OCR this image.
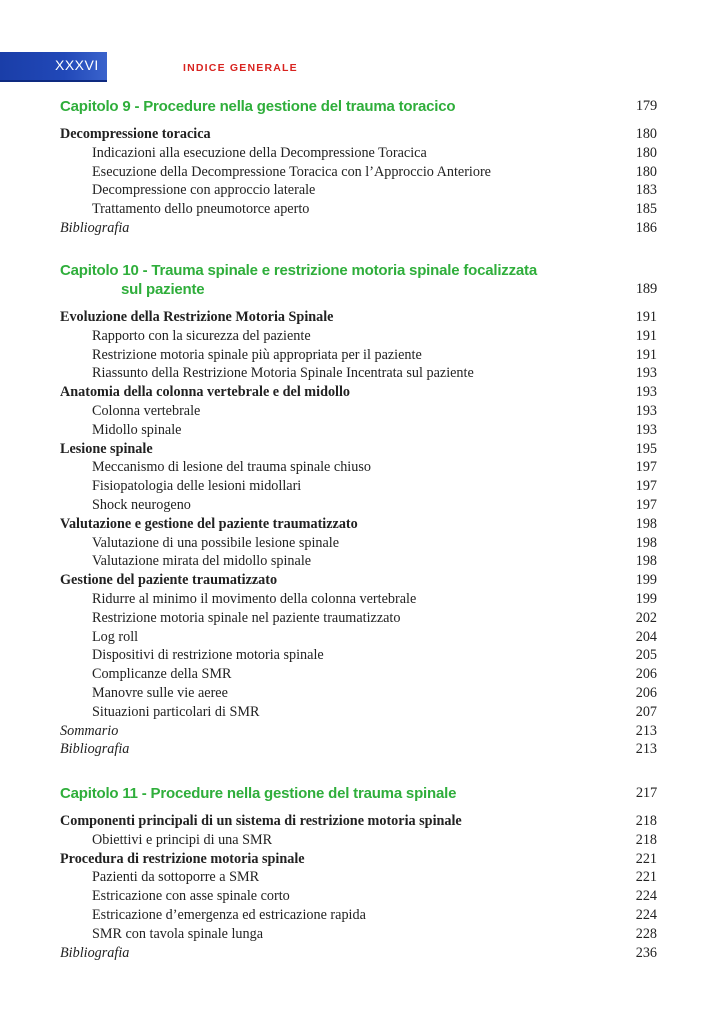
XXXVI	INDICE GENERALE
Capitolo 9 - Procedure nella gestione del trauma toracico	179
Decompressione toracica	180
Indicazioni alla esecuzione della Decompressione Toracica	180
Esecuzione della Decompressione Toracica con l’Approccio Anteriore	180
Decompressione con approccio laterale	183
Trattamento dello pneumotorce aperto	185
Bibliografia	186
Capitolo 10 - Trauma spinale e restrizione motoria spinale focalizzata
sul paziente	189
Evoluzione della Restrizione Motoria Spinale	191
Rapporto con la sicurezza del paziente	191
Restrizione motoria spinale più appropriata per il paziente	191
Riassunto della Restrizione Motoria Spinale Incentrata sul paziente	193
Anatomia della colonna vertebrale e del midollo	193
Colonna vertebrale	193
Midollo spinale	193
Lesione spinale	195
Meccanismo di lesione del trauma spinale chiuso	197
Fisiopatologia delle lesioni midollari	197
Shock neurogeno	197
Valutazione e gestione del paziente traumatizzato	198
Valutazione di una possibile lesione spinale	198
Valutazione mirata del midollo spinale	198
Gestione del paziente traumatizzato	199
Ridurre al minimo il movimento della colonna vertebrale	199
Restrizione motoria spinale nel paziente traumatizzato	202
Log roll	204
Dispositivi di restrizione motoria spinale	205
Complicanze della SMR	206
Manovre sulle vie aeree	206
Situazioni particolari di SMR	207
Sommario	213
Bibliografia	213
Capitolo 11 - Procedure nella gestione del trauma spinale	217
Componenti principali di un sistema di restrizione motoria spinale	218
Obiettivi e principi di una SMR	218
Procedura di restrizione motoria spinale	221
Pazienti da sottoporre a SMR	221
Estricazione con asse spinale corto	224
Estricazione d’emergenza ed estricazione rapida	224
SMR con tavola spinale lunga	228
Bibliografia	236
